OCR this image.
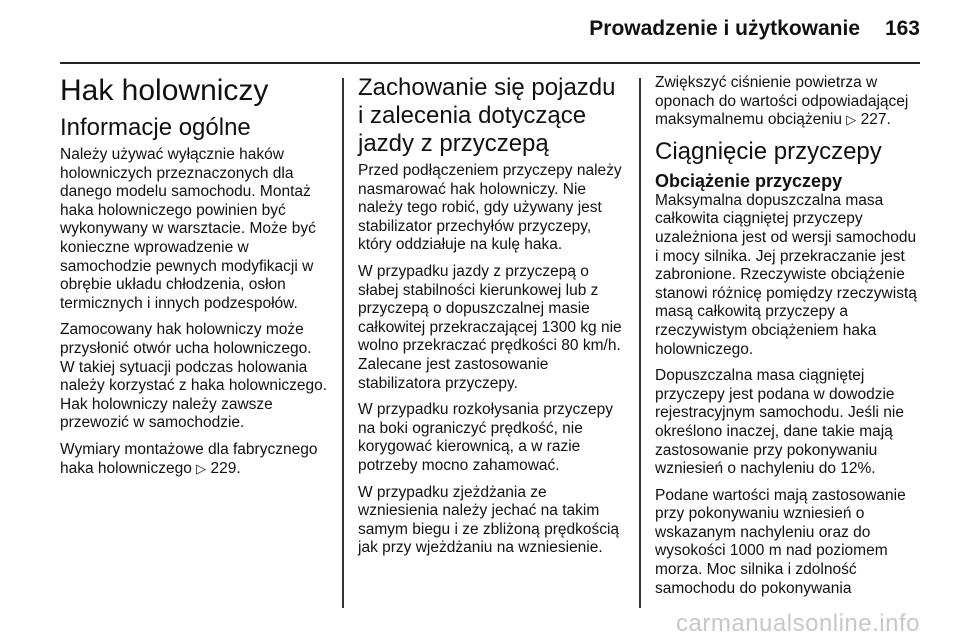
Prowadzenie i użytkowanie 163
Hak holowniczy
Informacje ogólne

Należy używać wyłącznie haków holowniczych przeznaczonych dla danego modelu samochodu. Montaż haka holowniczego powinien być wykonywany w warsztacie. Może być konieczne wprowadzenie w samochodzie pewnych modyfikacji w obrębie układu chłodzenia, osłon termicznych i innych podzespołów.

Zamocowany hak holowniczy może przysłonić otwór ucha holowniczego. W takiej sytuacji podczas holowania należy korzystać z haka holowniczego. Hak holowniczy należy zawsze przewozić w samochodzie.

Wymiary montażowe dla fabrycznego haka holowniczego ▷ 229.

Zachowanie się pojazdu i zalecenia dotyczące jazdy z przyczepą

Przed podłączeniem przyczepy należy nasmarować hak holowniczy. Nie należy tego robić, gdy używany jest stabilizator przechyłów przyczepy, który oddziałuje na kulę haka.

W przypadku jazdy z przyczepą o słabej stabilności kierunkowej lub z przyczepą o dopuszczalnej masie całkowitej przekraczającej 1300 kg nie wolno przekraczać prędkości 80 km/h. Zalecane jest zastosowanie stabilizatora przyczepy.

W przypadku rozkołysania przyczepy na boki ograniczyć prędkość, nie korygować kierownicą, a w razie potrzeby mocno zahamować.

W przypadku zjeżdżania ze wzniesienia należy jechać na takim samym biegu i ze zbliżoną prędkością jak przy wjeżdżaniu na wzniesienie.

Zwiększyć ciśnienie powietrza w oponach do wartości odpowiadającej maksymalnemu obciążeniu ▷ 227.

Ciągnięcie przyczepy
Obciążenie przyczepy

Maksymalna dopuszczalna masa całkowita ciągniętej przyczepy uzależniona jest od wersji samochodu i mocy silnika. Jej przekraczanie jest zabronione. Rzeczywiste obciążenie stanowi różnicę pomiędzy rzeczywistą masą całkowitą przyczepy a rzeczywistym obciążeniem haka holowniczego.

Dopuszczalna masa ciągniętej przyczepy jest podana w dowodzie rejestracyjnym samochodu. Jeśli nie określono inaczej, dane takie mają zastosowanie przy pokonywaniu wzniesień o nachyleniu do 12%.

Podane wartości mają zastosowanie przy pokonywaniu wzniesień o wskazanym nachyleniu oraz do wysokości 1000 m nad poziomem morza. Moc silnika i zdolność samochodu do pokonywania

carmanualsonline.info
